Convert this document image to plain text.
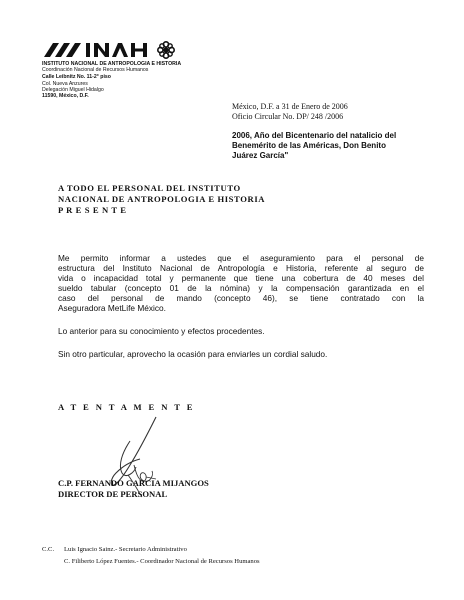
INSTITUTO NACIONAL DE ANTROPOLOGIA E HISTORIA
Coordinación Nacional de Recursos Humanos
Calle Leibnitz No. 11-2° piso
Col. Nueva Anzures
Delegación Miguel Hidalgo
11590, México, D.F.
México, D.F. a 31 de Enero de 2006
Oficio Circular No. DP/ 248 /2006
2006, Año del Bicentenario del natalicio del
Benemérito de las Américas, Don Benito
Juárez García"
A TODO EL PERSONAL DEL INSTITUTO
NACIONAL DE ANTROPOLOGIA E HISTORIA
P R E S E N T E
Me permito informar a ustedes que el aseguramiento para el personal de
estructura del Instituto Nacional de Antropología e Historia, referente al seguro de
vida o incapacidad total y permanente que tiene una cobertura de 40 meses del
sueldo tabular (concepto 01 de la nómina) y la compensación garantizada en el
caso del personal de mando (concepto 46), se tiene contratado con la
Aseguradora MetLife México.
Lo anterior para su conocimiento y efectos procedentes.
Sin otro particular, aprovecho la ocasión para enviarles un cordial saludo.
A T E N T A M E N T E
C.P. FERNANDO GARCIA MIJANGOS
DIRECTOR DE PERSONAL
C.C. Luis Ignacio Sainz.- Secretario Administrativo
C. Filiberto López Fuentes.- Coordinador Nacional de Recursos Humanos
